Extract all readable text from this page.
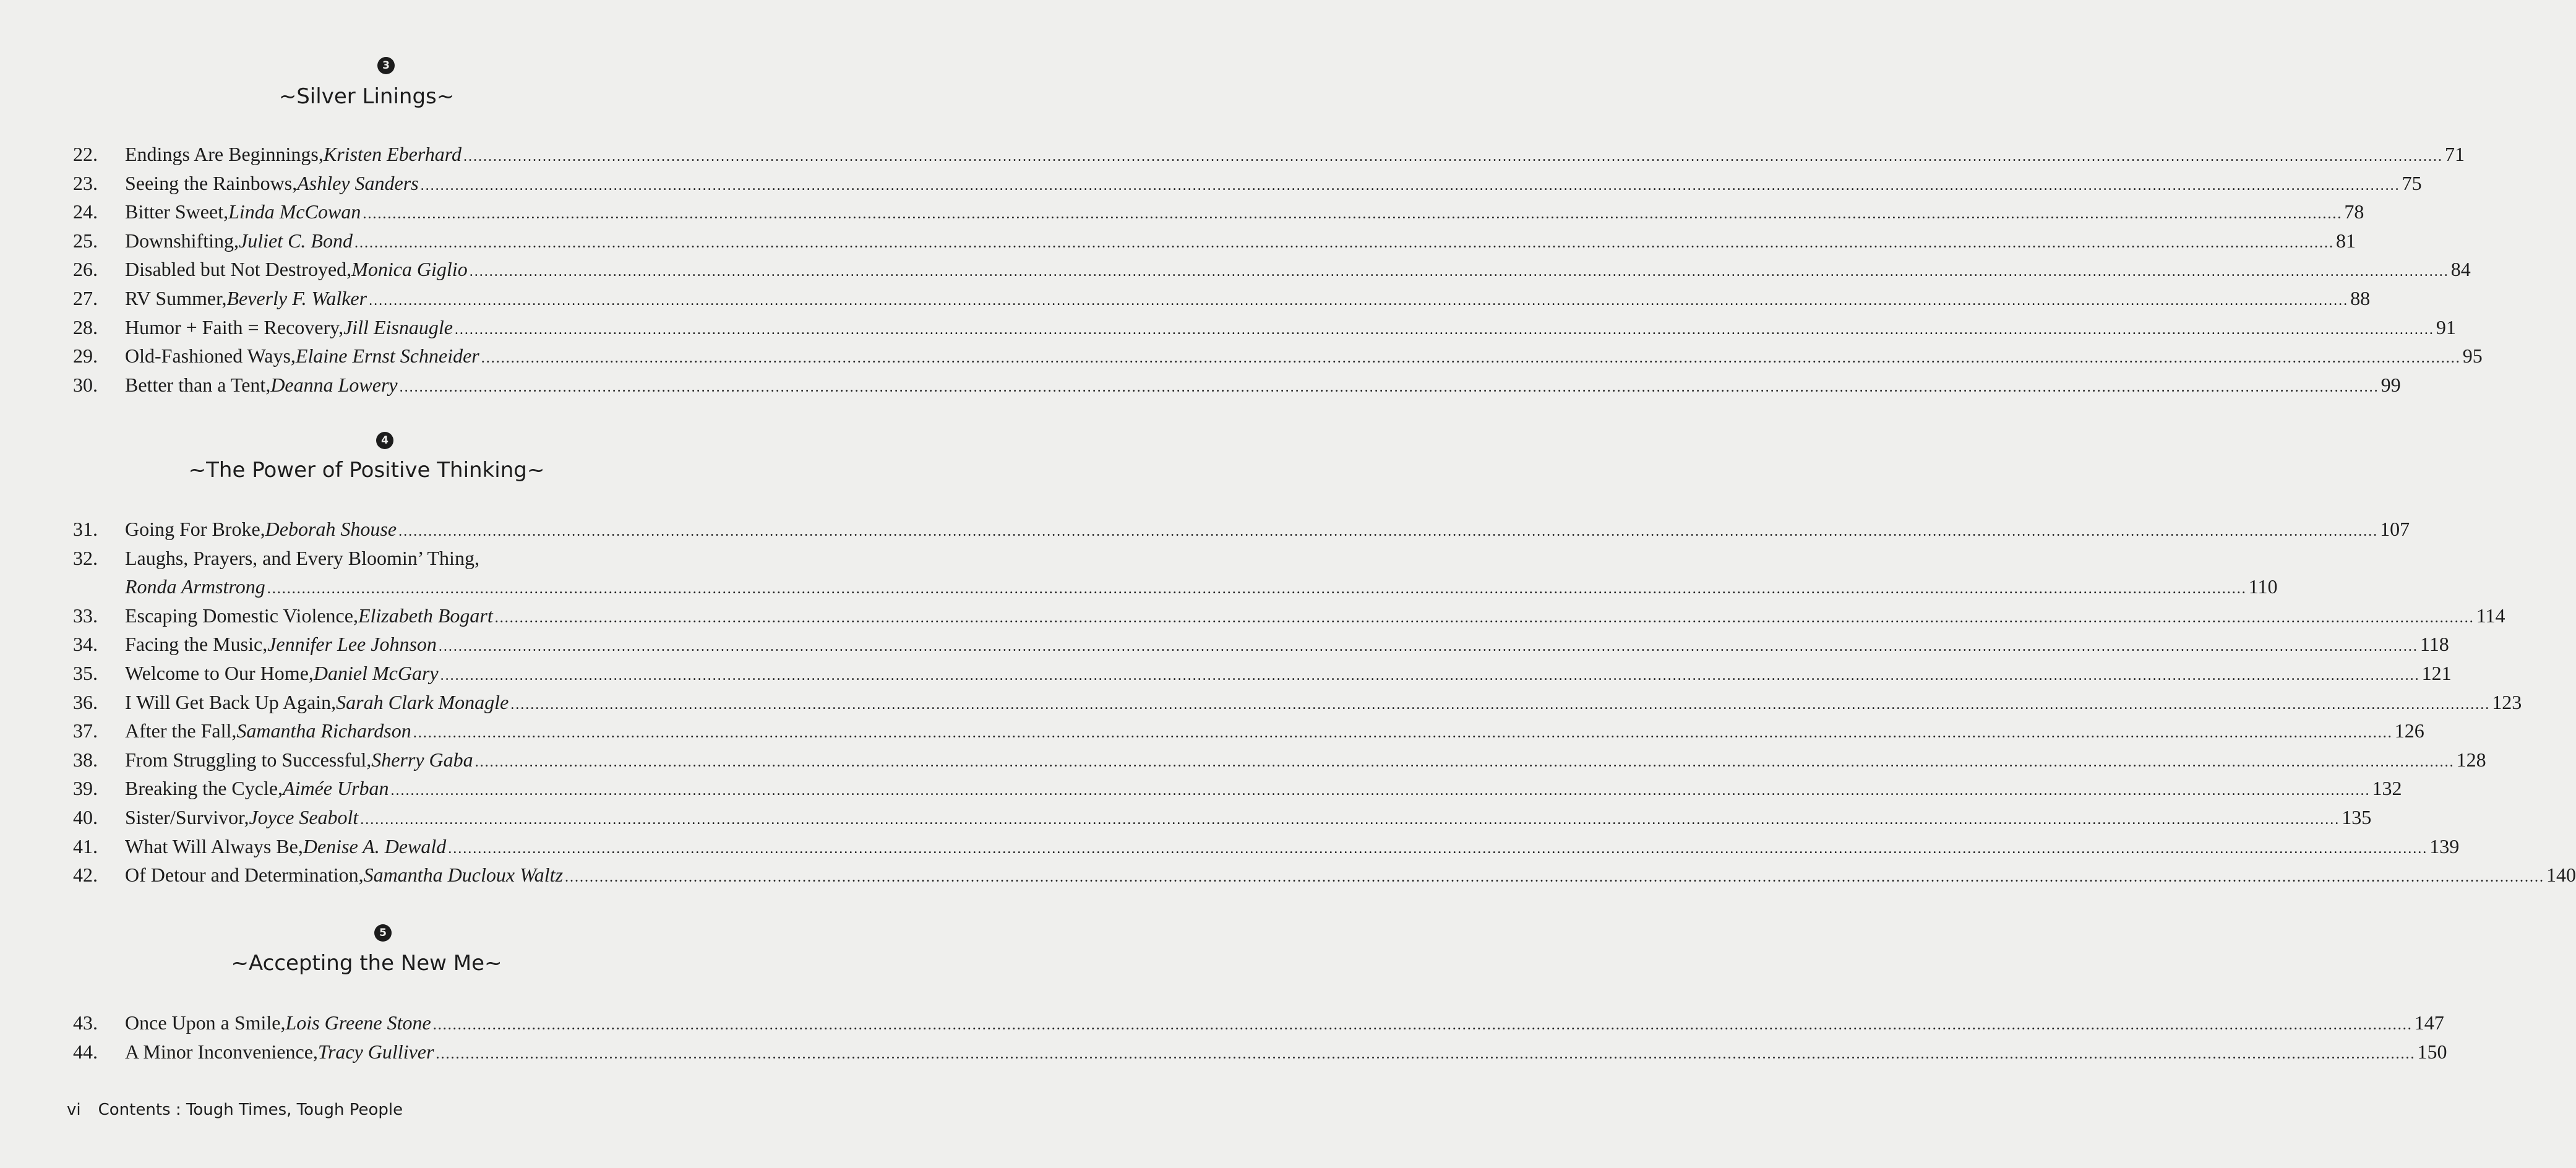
3
~Silver Linings~
4
~The Power of Positive Thinking~
5
~Accepting the New Me~
22.	Endings Are Beginnings, Kristen Eberhard ................................................................................................................................................................................................................................................................................................................................................................................................................ 71
23.	Seeing the Rainbows, Ashley Sanders ................................................................................................................................................................................................................................................................................................................................................................................................................ 75
24.	Bitter Sweet, Linda McCowan ................................................................................................................................................................................................................................................................................................................................................................................................................ 78
25.	Downshifting, Juliet C. Bond ................................................................................................................................................................................................................................................................................................................................................................................................................ 81
26.	Disabled but Not Destroyed, Monica Giglio ................................................................................................................................................................................................................................................................................................................................................................................................................ 84
27.	RV Summer, Beverly F. Walker ................................................................................................................................................................................................................................................................................................................................................................................................................ 88
28.	Humor + Faith = Recovery, Jill Eisnaugle ................................................................................................................................................................................................................................................................................................................................................................................................................ 91
29.	Old-Fashioned Ways, Elaine Ernst Schneider ................................................................................................................................................................................................................................................................................................................................................................................................................ 95
30.	Better than a Tent, Deanna Lowery ................................................................................................................................................................................................................................................................................................................................................................................................................ 99
31.	Going For Broke, Deborah Shouse ................................................................................................................................................................................................................................................................................................................................................................................................................ 107
32.	Laughs, Prayers, and Every Bloomin’ Thing,
Ronda Armstrong ................................................................................................................................................................................................................................................................................................................................................................................................................ 110
33.	Escaping Domestic Violence, Elizabeth Bogart ................................................................................................................................................................................................................................................................................................................................................................................................................ 114
34.	Facing the Music, Jennifer Lee Johnson ................................................................................................................................................................................................................................................................................................................................................................................................................ 118
35.	Welcome to Our Home, Daniel McGary ................................................................................................................................................................................................................................................................................................................................................................................................................ 121
36.	I Will Get Back Up Again, Sarah Clark Monagle ................................................................................................................................................................................................................................................................................................................................................................................................................ 123
37.	After the Fall, Samantha Richardson ................................................................................................................................................................................................................................................................................................................................................................................................................ 126
38.	From Struggling to Successful, Sherry Gaba ................................................................................................................................................................................................................................................................................................................................................................................................................ 128
39.	Breaking the Cycle, Aimée Urban ................................................................................................................................................................................................................................................................................................................................................................................................................ 132
40.	Sister/Survivor, Joyce Seabolt ................................................................................................................................................................................................................................................................................................................................................................................................................ 135
41.	What Will Always Be, Denise A. Dewald ................................................................................................................................................................................................................................................................................................................................................................................................................ 139
42.	Of Detour and Determination, Samantha Ducloux Waltz ................................................................................................................................................................................................................................................................................................................................................................................................................ 140
43.	Once Upon a Smile, Lois Greene Stone ................................................................................................................................................................................................................................................................................................................................................................................................................ 147
44.	A Minor Inconvenience, Tracy Gulliver ................................................................................................................................................................................................................................................................................................................................................................................................................ 150
vi Contents : Tough Times, Tough People
